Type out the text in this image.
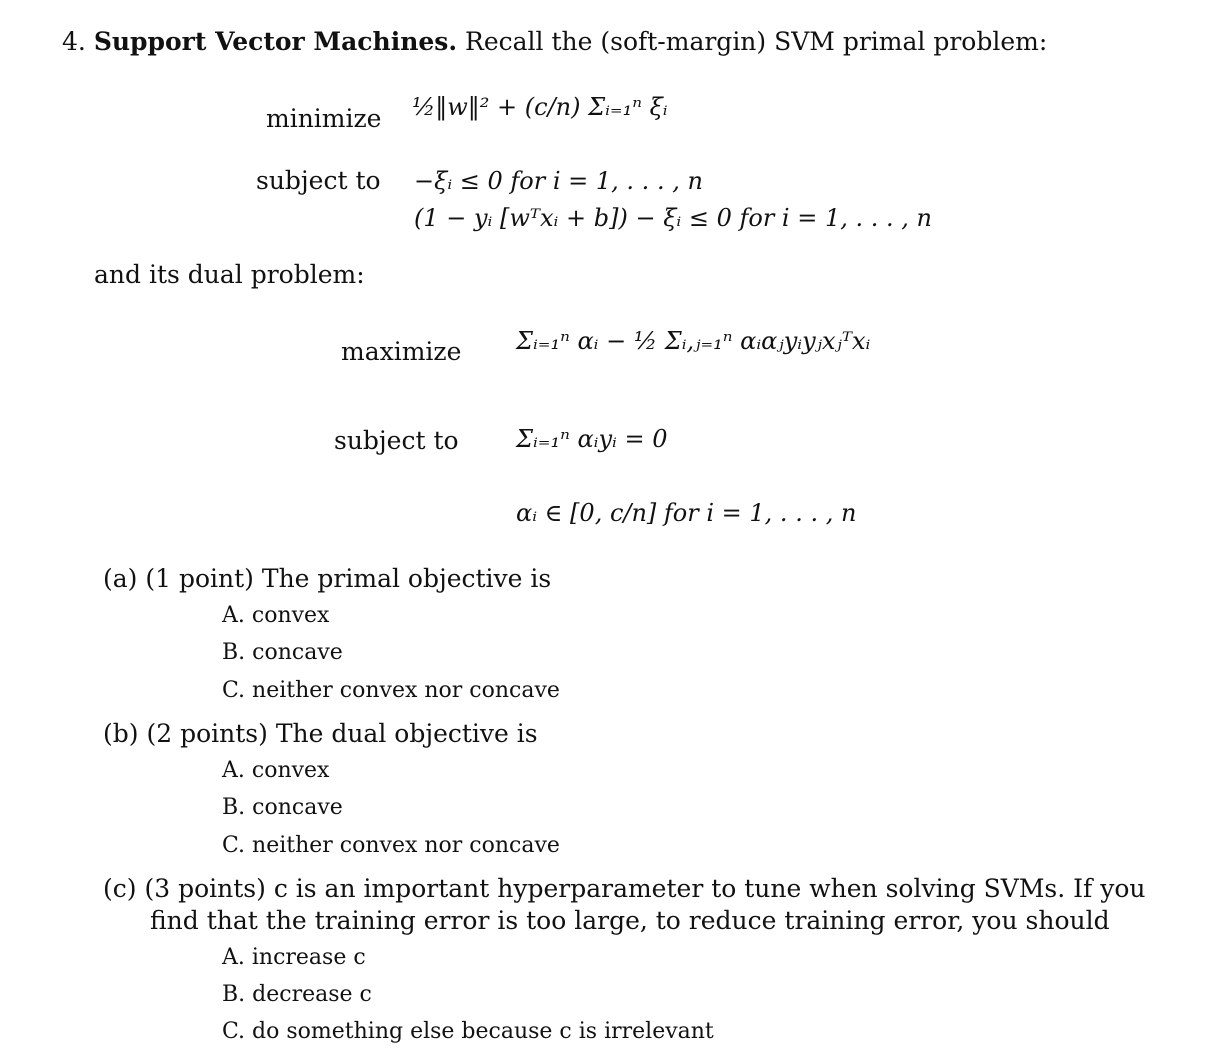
4. Support Vector Machines. Recall the (soft-margin) SVM primal problem:
minimize ½‖w‖² + (c/n) Σᵢ₌₁ⁿ ξᵢ
subject to −ξᵢ ≤ 0 for i = 1, . . . , n
(1 − yᵢ [wᵀxᵢ + b]) − ξᵢ ≤ 0 for i = 1, . . . , n
and its dual problem:
maximize Σᵢ₌₁ⁿ αᵢ − ½ Σᵢ,ⱼ₌₁ⁿ αᵢαⱼyᵢyⱼxⱼᵀxᵢ
subject to Σᵢ₌₁ⁿ αᵢyᵢ = 0
αᵢ ∈ [0, c/n] for i = 1, . . . , n
(a) (1 point) The primal objective is
A. convex
B. concave
C. neither convex nor concave
(b) (2 points) The dual objective is
A. convex
B. concave
C. neither convex nor concave
(c) (3 points) c is an important hyperparameter to tune when solving SVMs. If you
find that the training error is too large, to reduce training error, you should
A. increase c
B. decrease c
C. do something else because c is irrelevant
